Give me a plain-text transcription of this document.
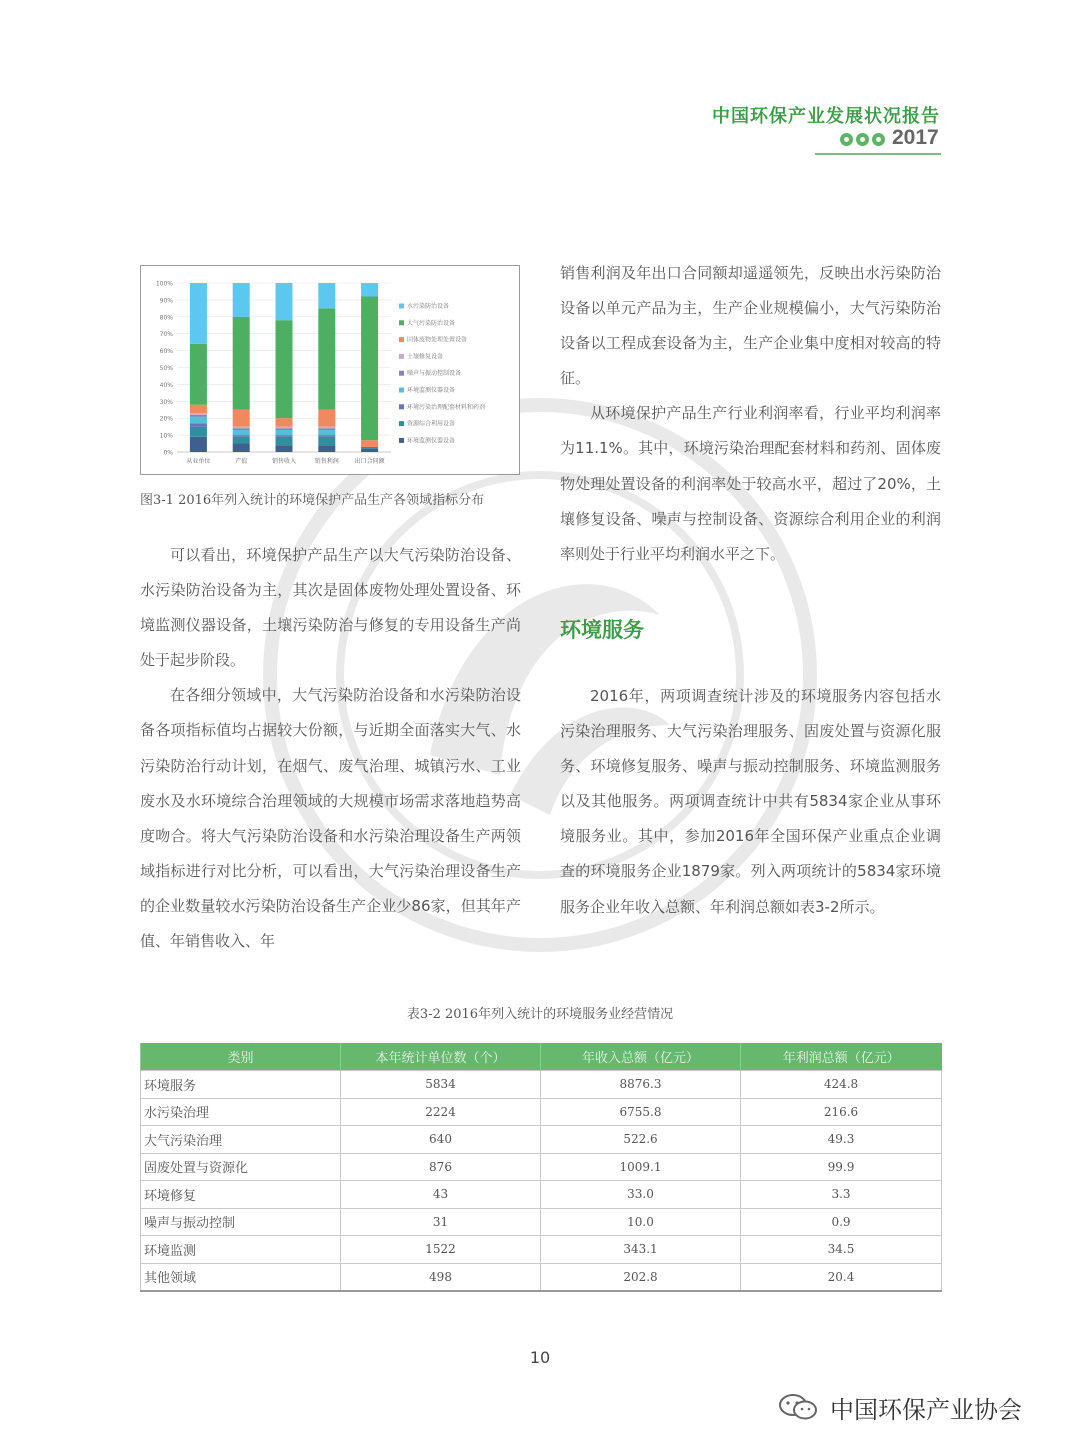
中国环保产业发展状况报告
2017
从业单位	产值	销售收入	销售利润	出口合同额
0%
10%
20%
30%
40%
50%
60%
70%
80%
90%
100%
水污染防治设备
大气污染防治设备
固体废物处理处置设备
土壤修复设备
噪声与振动控制设备
环境监测仪器设备
环境污染治理配套材料和药剂
资源综合利用设备
环境监测仪器设备
图3-1 2016年列入统计的环境保护产品生产各领域指标分布

可以看出，环境保护产品生产以大气污染防治设备、水污染防治设备为主，其次是固体废物处理处置设备、环境监测仪器设备，土壤污染防治与修复的专用设备生产尚处于起步阶段。

在各细分领域中，大气污染防治设备和水污染防治设备各项指标值均占据较大份额，与近期全面落实大气、水污染防治行动计划，在烟气、废气治理、城镇污水、工业废水及水环境综合治理领域的大规模市场需求落地趋势高度吻合。将大气污染防治设备和水污染治理设备生产两领域指标进行对比分析，可以看出，大气污染治理设备生产的企业数量较水污染防治设备生产企业少86家，但其年产值、年销售收入、年

销售利润及年出口合同额却遥遥领先，反映出水污染防治设备以单元产品为主，生产企业规模偏小，大气污染防治设备以工程成套设备为主，生产企业集中度相对较高的特征。

从环境保护产品生产行业利润率看，行业平均利润率为11.1%。其中，环境污染治理配套材料和药剂、固体废物处理处置设备的利润率处于较高水平，超过了20%，土壤修复设备、噪声与控制设备、资源综合利用企业的利润率则处于行业平均利润水平之下。

环境服务

2016年，两项调查统计涉及的环境服务内容包括水污染治理服务、大气污染治理服务、固废处置与资源化服务、环境修复服务、噪声与振动控制服务、环境监测服务以及其他服务。两项调查统计中共有5834家企业从事环境服务业。其中，参加2016年全国环保产业重点企业调查的环境服务企业1879家。列入两项统计的5834家环境服务企业年收入总额、年利润总额如表3-2所示。

表3-2 2016年列入统计的环境服务业经营情况
类别	本年统计单位数（个）	年收入总额（亿元）	年利润总额（亿元）
环境服务	5834	8876.3	424.8
水污染治理	2224	6755.8	216.6
大气污染治理	640	522.6	49.3
固废处置与资源化	876	1009.1	99.9
环境修复	43	33.0	3.3
噪声与振动控制	31	10.0	0.9
环境监测	1522	343.1	34.5
其他领域	498	202.8	20.4
10
中国环保产业协会
